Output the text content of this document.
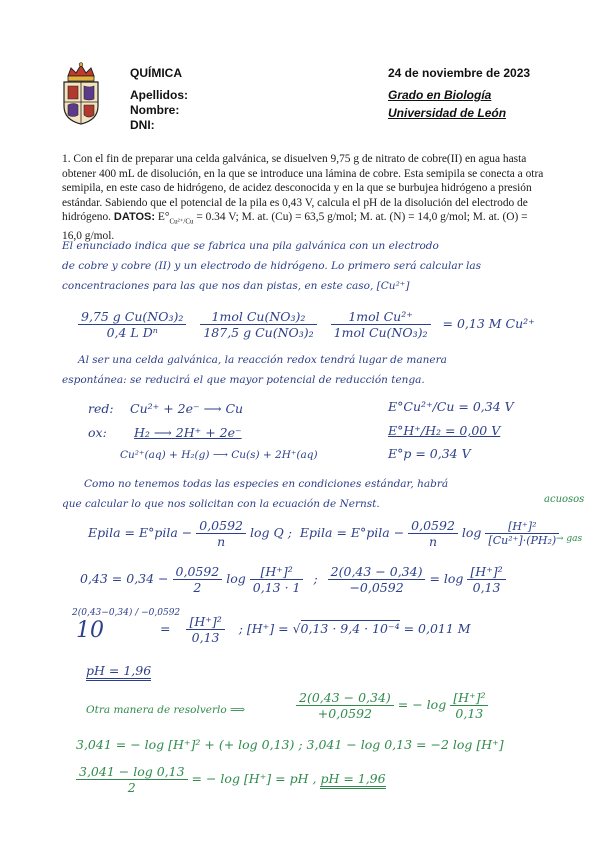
QUÍMICA
Apellidos:
Nombre:
DNI:
24 de noviembre de 2023
Grado en Biología
Universidad de León
1. Con el fin de preparar una celda galvánica, se disuelven 9,75 g de nitrato de cobre(II) en agua hasta obtener 400 mL de disolución, en la que se introduce una lámina de cobre. Esta semipila se conecta a otra semipila, en este caso de hidrógeno, de acidez desconocida y en la que se burbujea hidrógeno a presión estándar. Sabiendo que el potencial de la pila es 0,43 V, calcula el pH de la disolución del electrodo de hidrógeno. DATOS: $E^\circ_{Cu^{2+}/Cu} = 0.34$ V; M. at. (Cu) = 63,5 g/mol; M. at. (N) = 14,0 g/mol; M. at. (O) = 16,0 g/mol.
El enunciado indica que se fabrica una pila galvánica con un electrodo
de cobre y cobre (II) y un electrodo de hidrógeno. Lo primero será calcular las
concentraciones para las que nos dan pistas, en este caso, [Cu²⁺]
$\frac{\text{9,75 g Cu(NO₃)₂}}{\text{0,4 L Dⁿ}}$
$\frac{\text{1mol Cu(NO₃)₂}}{\text{187,5 g Cu(NO₃)₂}}$
$\frac{\text{1mol Cu²⁺}}{\text{1mol Cu(NO₃)₂}} = 0,13$ M Cu²⁺
Al ser una celda galvánica, la reacción redox tendrá lugar de manera
espontánea: se reducirá el que mayor potencial de reducción tenga.
red: Cu²⁺ + 2e⁻ ⟶ Cu	E°Cu²⁺/Cu = 0,34 V
ox: H₂ ⟶ 2H⁺ + 2e⁻	E°H⁺/H₂ = 0,00 V
Cu²⁺(aq) + H₂(g) ⟶ Cu(s) + 2H⁺(aq)	E°p = 0,34 V
Como no tenemos todas las especies en condiciones estándar, habrá
que calcular lo que nos solicitan con la ecuación de Nernst.	acuosos
→ gas
Epila = E°pila − $\frac{0,0592}{n}$ log Q ; Epila = E°pila − $\frac{0,0592}{n}$ $\log \frac{\text{[H⁺]²}}{\text{[Cu²⁺]·(PH₂)}}$
$0,43 = 0,34 - \frac{0,0592}{2}$ $\log \frac{\text{[H⁺]²}}{0,13 \cdot 1}$ ; $\frac{2(0,43 - 0,34)}{-0,0592} = \log \frac{\text{[H⁺]²}}{0,13}$
2(0,43−0,34) / −0,0592
10	= $\frac{\text{[H⁺]²}}{0,13}$ ; [H⁺] = √0,13 · 9,4 · 10⁻⁴ = 0,011 M
pH = 1,96
Otra manera de resolverlo ⟹	$\frac{2(0,43 - 0,34)}{+0,0592}$ = − $\log \frac{\text{[H⁺]²}}{0,13}$
3,041 = − log [H⁺]² + (+ log 0,13) ; 3,041 − log 0,13 = −2 log [H⁺]
$\frac{3,041 - \log 0,13}{2}$ = − log [H⁺] = pH , pH = 1,96
